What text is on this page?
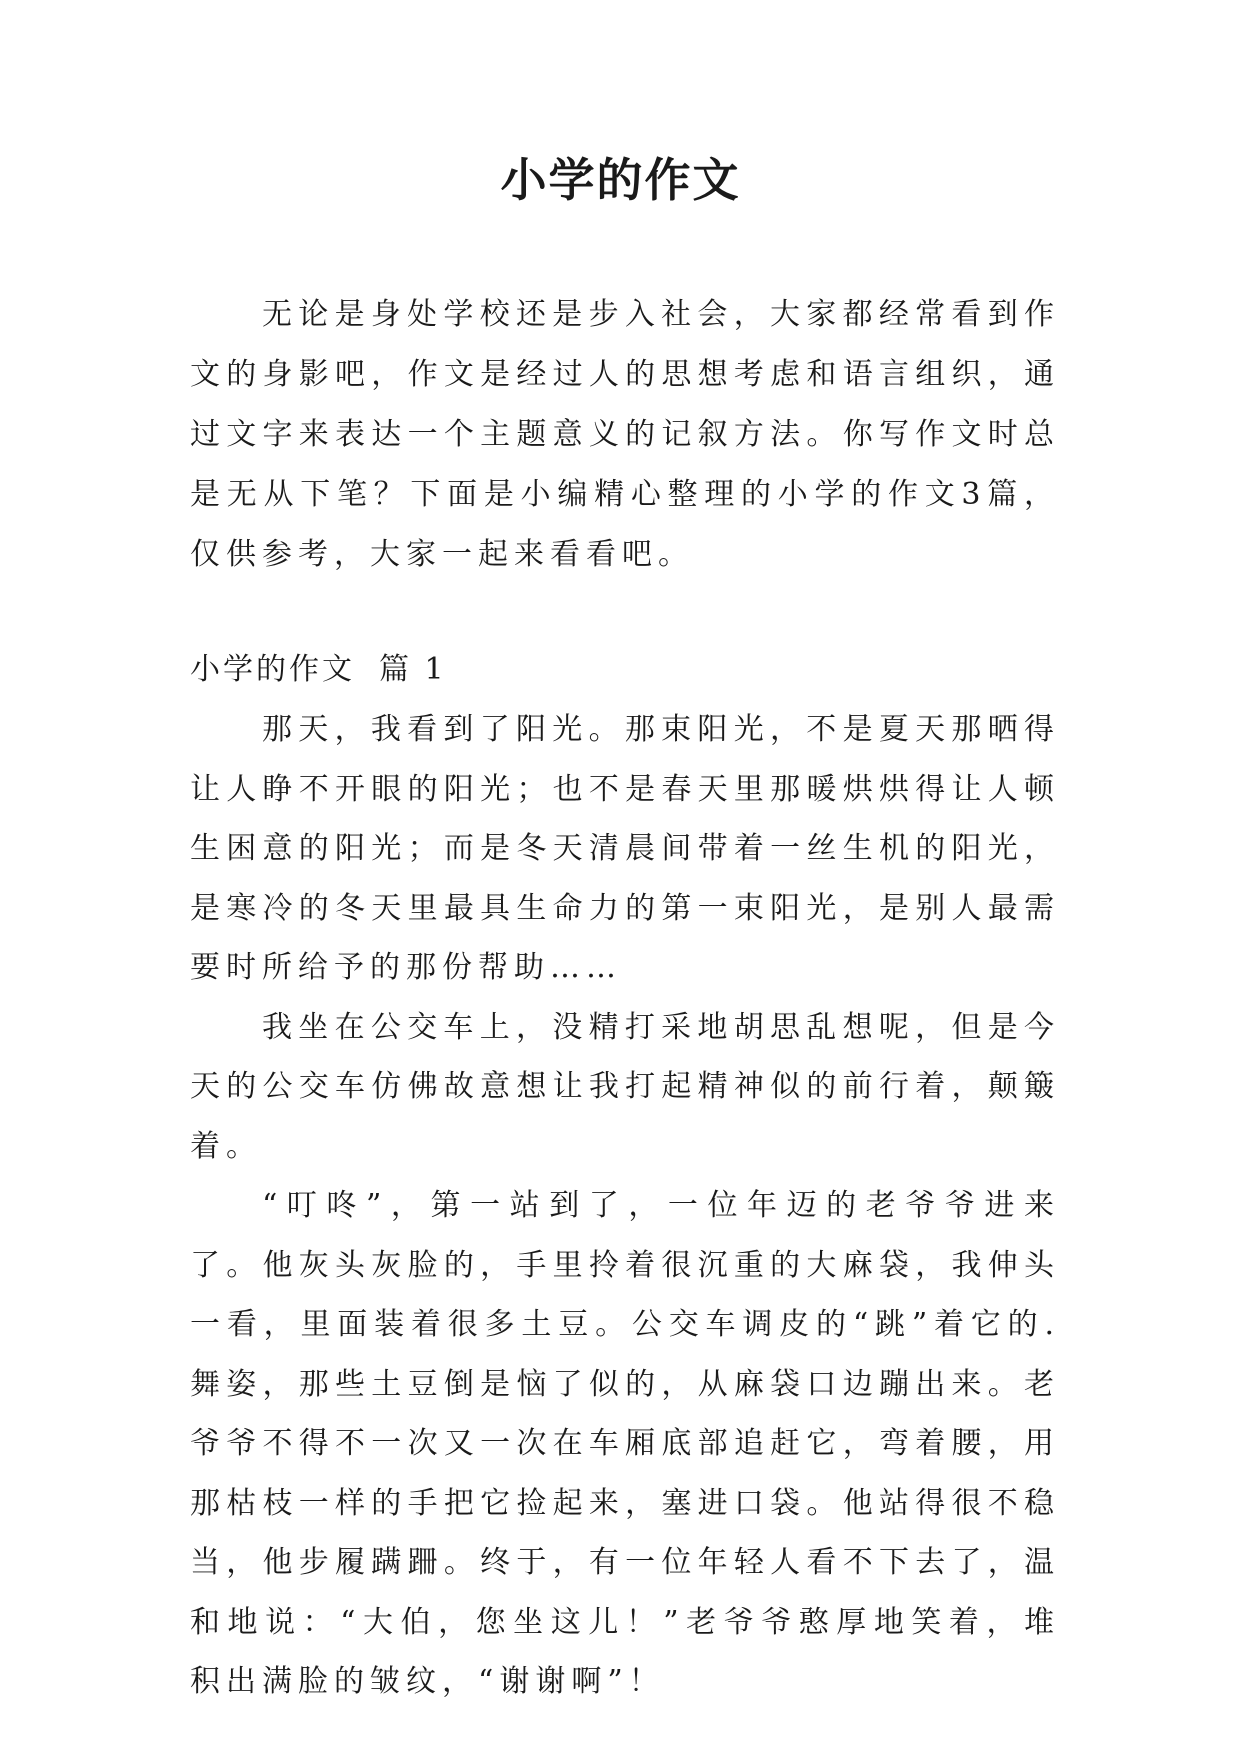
小学的作文

无论是身处学校还是步入社会，大家都经常看到作文的身影吧，作文是经过人的思想考虑和语言组织，通过文字来表达一个主题意义的记叙方法。你写作文时总是无从下笔？下面是小编精心整理的小学的作文3篇，仅供参考，大家一起来看看吧。

小学的作文 篇 1

那天，我看到了阳光。那束阳光，不是夏天那晒得让人睁不开眼的阳光；也不是春天里那暖烘烘得让人顿生困意的阳光；而是冬天清晨间带着一丝生机的阳光，是寒冷的冬天里最具生命力的第一束阳光，是别人最需要时所给予的那份帮助……

我坐在公交车上，没精打采地胡思乱想呢，但是今天的公交车仿佛故意想让我打起精神似的前行着，颠簸着。

“叮咚”，第一站到了，一位年迈的老爷爷进来了。他灰头灰脸的，手里拎着很沉重的大麻袋，我伸头一看，里面装着很多土豆。公交车调皮的“跳”着它的.舞姿，那些土豆倒是恼了似的，从麻袋口边蹦出来。老爷爷不得不一次又一次在车厢底部追赶它，弯着腰，用那枯枝一样的手把它捡起来，塞进口袋。他站得很不稳当，他步履蹒跚。终于，有一位年轻人看不下去了，温和地说：“大伯，您坐这儿！”老爷爷憨厚地笑着，堆积出满脸的皱纹，“谢谢啊”！
